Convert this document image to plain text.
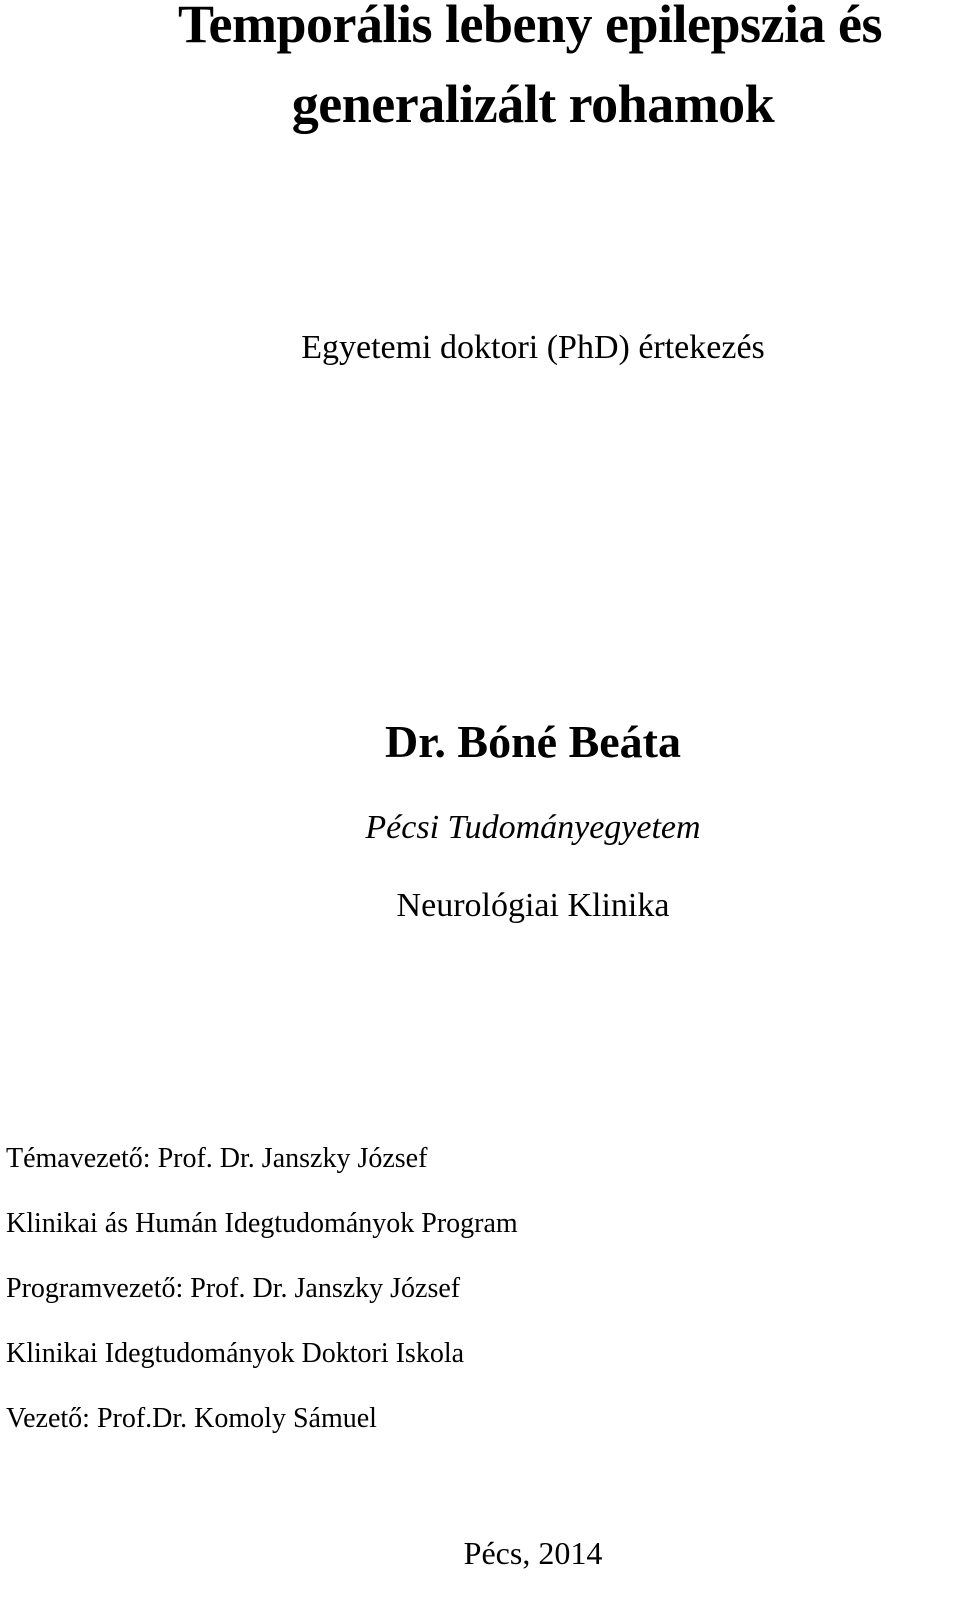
Temporális lebeny epilepszia és
generalizált rohamok

Egyetemi doktori (PhD) értekezés

Dr. Bóné Beáta

Pécsi Tudományegyetem

Neurológiai Klinika

Témavezető: Prof. Dr. Janszky József

Klinikai ás Humán Idegtudományok Program

Programvezető: Prof. Dr. Janszky József

Klinikai Idegtudományok Doktori Iskola

Vezető: Prof.Dr. Komoly Sámuel

Pécs, 2014
